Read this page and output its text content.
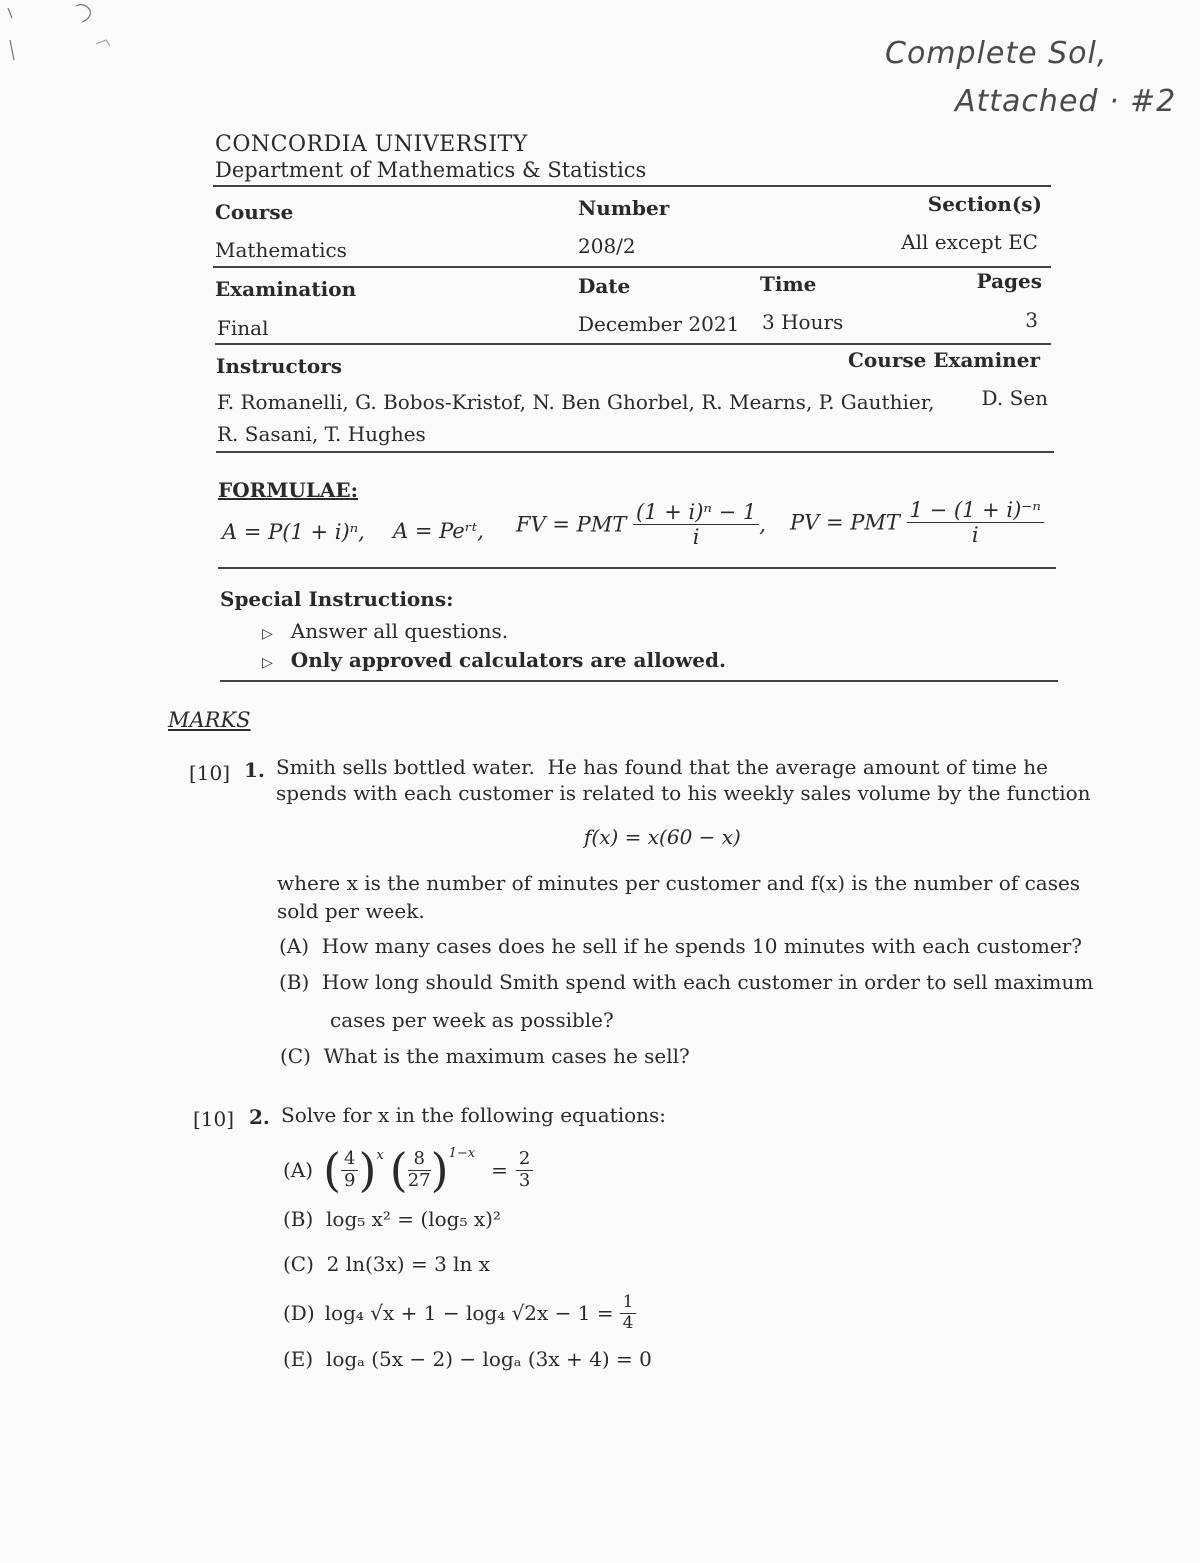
Complete Sol,
Attached · #2
CONCORDIA UNIVERSITY
Department of Mathematics & Statistics
Course	Number	Section(s)
Mathematics	208/2	All except EC
Examination	Date	Time	Pages
Final	December 2021 3 Hours	3
Instructors	Course Examiner
F. Romanelli, G. Bobos-Kristof, N. Ben Ghorbel, R. Mearns, P. Gauthier,
R. Sasani, T. Hughes
D. Sen
FORMULAE:
A = P(1 + i)ⁿ, A = Peʳᵗ, FV = PMT $\frac{\text{(1 + i)ⁿ − 1}}{i}$ , PV = PMT $\frac{\text{1 − (1 + i)⁻ⁿ}}{i}$
Special Instructions:
▷ Answer all questions.
▷ Only approved calculators are allowed.
MARKS
[10] 1. Smith sells bottled water.  He has found that the average amount of time he
spends with each customer is related to his weekly sales volume by the function
f(x) = x(60 − x)
where x is the number of minutes per customer and f(x) is the number of cases
sold per week.
(A)  How many cases does he sell if he spends 10 minutes with each customer?
(B)  How long should Smith spend with each customer in order to sell maximum
cases per week as possible?
(C)  What is the maximum cases he sell?
[10] 2. Solve for x in the following equations:
(A) ( $\frac{4}{9}$ ) x ( $\frac{8}{27}$ ) 1−x
= $\frac{2}{3}$
(B)  log₅ x² = (log₅ x)²
(C)  2 ln(3x) = 3 ln x
(D) log₄ √x + 1 − log₄ $√2x - 1 = \frac{1}{4}$
(E)  logₐ (5x − 2) − logₐ (3x + 4) = 0
